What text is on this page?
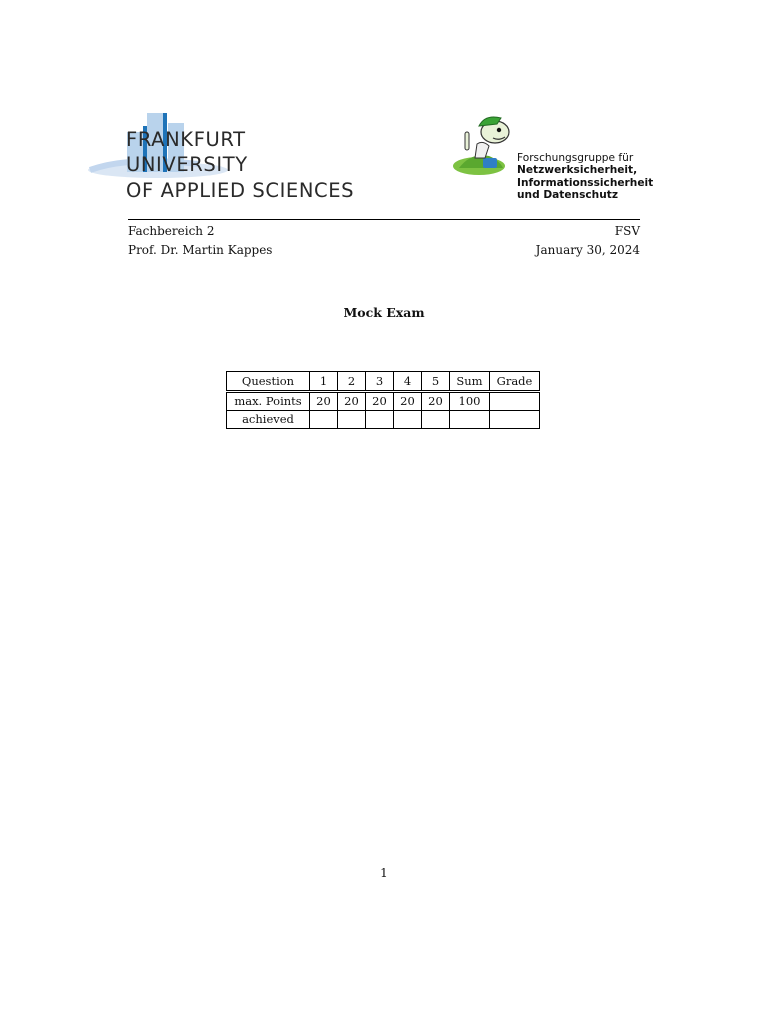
FRANKFURT
UNIVERSITY
OF APPLIED SCIENCES
Forschungsgruppe für
Netzwerksicherheit,
Informationssicherheit
und Datenschutz
Fachbereich 2	FSV
Prof. Dr. Martin Kappes	January 30, 2024
Mock Exam
Question	1	2	3	4	5	Sum	Grade
max. Points	20	20	20	20	20	100	
achieved							
1
